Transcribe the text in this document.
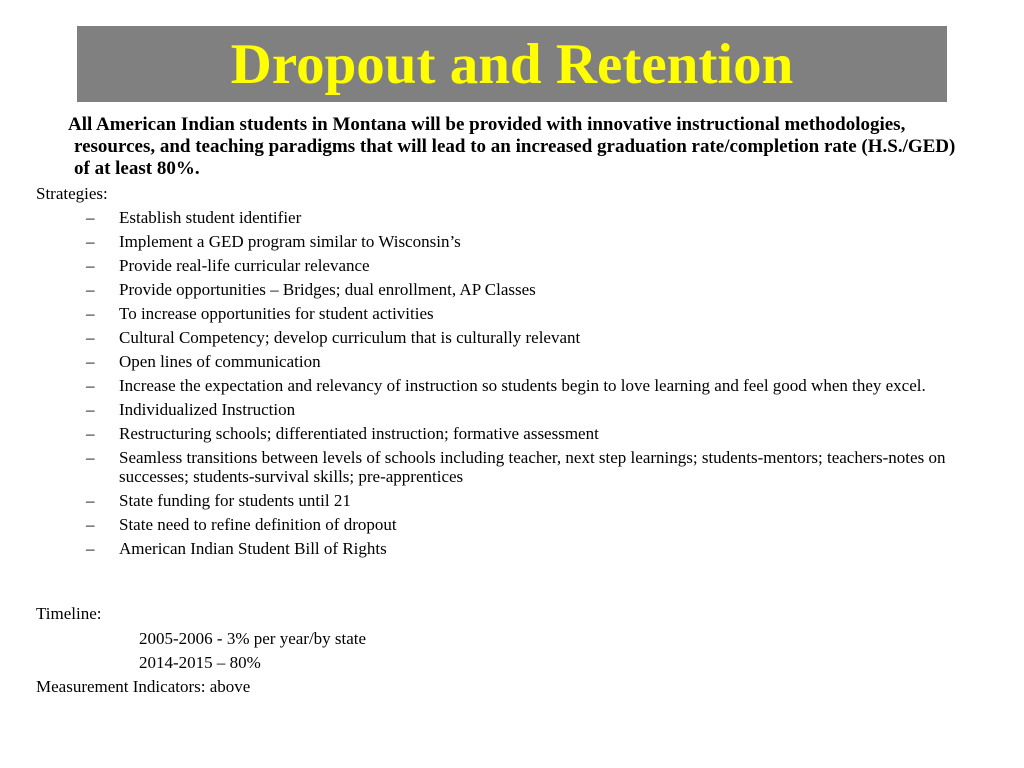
Dropout and Retention
All American Indian students in Montana will be provided with innovative instructional methodologies, resources, and teaching paradigms that will lead to an increased graduation rate/completion rate (H.S./GED) of at least 80%.
Strategies:
– Establish student identifier
– Implement a GED program similar to Wisconsin’s
– Provide real-life curricular relevance
– Provide opportunities – Bridges; dual enrollment, AP Classes
– To increase opportunities for student activities
– Cultural Competency; develop curriculum that is culturally relevant
– Open lines of communication
– Increase the expectation and relevancy of instruction so students begin to love learning and feel good when they excel.
– Individualized Instruction
– Restructuring schools; differentiated instruction; formative assessment
– Seamless transitions between levels of schools including teacher, next step learnings; students-mentors; teachers-notes on successes; students-survival skills; pre-apprentices
– State funding for students until 21
– State need to refine definition of dropout
– American Indian Student Bill of Rights
Timeline:
2005-2006 - 3% per year/by state
2014-2015 – 80%
Measurement Indicators: above
